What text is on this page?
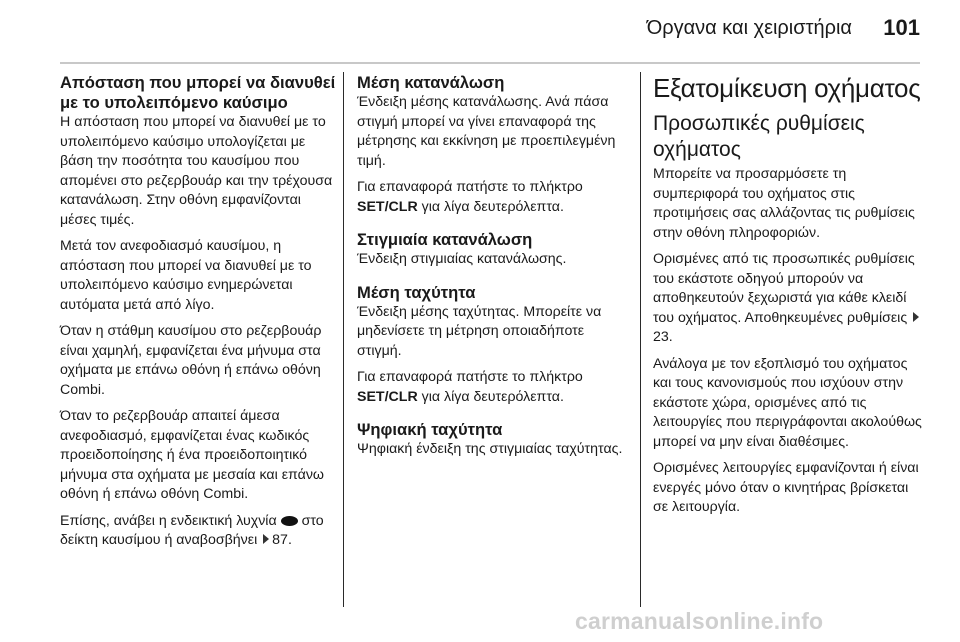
Όργανα και χειριστήρια 101
Απόσταση που μπορεί να διανυθεί με το υπολειπόμενο καύσιμο

Η απόσταση που μπορεί να διανυθεί με το υπολειπόμενο καύσιμο υπολογίζεται με βάση την ποσότητα του καυσίμου που απομένει στο ρεζερβουάρ και την τρέχουσα κατανάλωση. Στην οθόνη εμφανίζονται μέσες τιμές.

Μετά τον ανεφοδιασμό καυσίμου, η απόσταση που μπορεί να διανυθεί με το υπολειπόμενο καύσιμο ενημερώνεται αυτόματα μετά από λίγο.

Όταν η στάθμη καυσίμου στο ρεζερβουάρ είναι χαμηλή, εμφανίζεται ένα μήνυμα στα οχήματα με επάνω οθόνη ή επάνω οθόνη Combi.

Όταν το ρεζερβουάρ απαιτεί άμεσα ανεφοδιασμό, εμφανίζεται ένας κωδικός προειδοποίησης ή ένα προειδοποιητικό μήνυμα στα οχήματα με μεσαία και επάνω οθόνη ή επάνω οθόνη Combi.

Επίσης, ανάβει η ενδεικτική λυχνία στο δείκτη καυσίμου ή αναβοσβήνει 87.

Μέση κατανάλωση

Ένδειξη μέσης κατανάλωσης. Ανά πάσα στιγμή μπορεί να γίνει επαναφορά της μέτρησης και εκκίνηση με προεπιλεγμένη τιμή.

Για επαναφορά πατήστε το πλήκτρο SET/CLR για λίγα δευτερόλεπτα.

Στιγμιαία κατανάλωση

Ένδειξη στιγμιαίας κατανάλωσης.

Μέση ταχύτητα

Ένδειξη μέσης ταχύτητας. Μπορείτε να μηδενίσετε τη μέτρηση οποιαδήποτε στιγμή.

Για επαναφορά πατήστε το πλήκτρο SET/CLR για λίγα δευτερόλεπτα.

Ψηφιακή ταχύτητα

Ψηφιακή ένδειξη της στιγμιαίας ταχύτητας.

Εξατομίκευση οχήματος
Προσωπικές ρυθμίσεις οχήματος

Μπορείτε να προσαρμόσετε τη συμπεριφορά του οχήματος στις προτιμήσεις σας αλλάζοντας τις ρυθμίσεις στην οθόνη πληροφοριών.

Ορισμένες από τις προσωπικές ρυθμίσεις του εκάστοτε οδηγού μπορούν να αποθηκευτούν ξεχωριστά για κάθε κλειδί του οχήματος. Αποθηκευμένες ρυθμίσεις 23.

Ανάλογα με τον εξοπλισμό του οχήματος και τους κανονισμούς που ισχύουν στην εκάστοτε χώρα, ορισμένες από τις λειτουργίες που περιγράφονται ακολούθως μπορεί να μην είναι διαθέσιμες.

Ορισμένες λειτουργίες εμφανίζονται ή είναι ενεργές μόνο όταν ο κινητήρας βρίσκεται σε λειτουργία.

carmanualsonline.info
